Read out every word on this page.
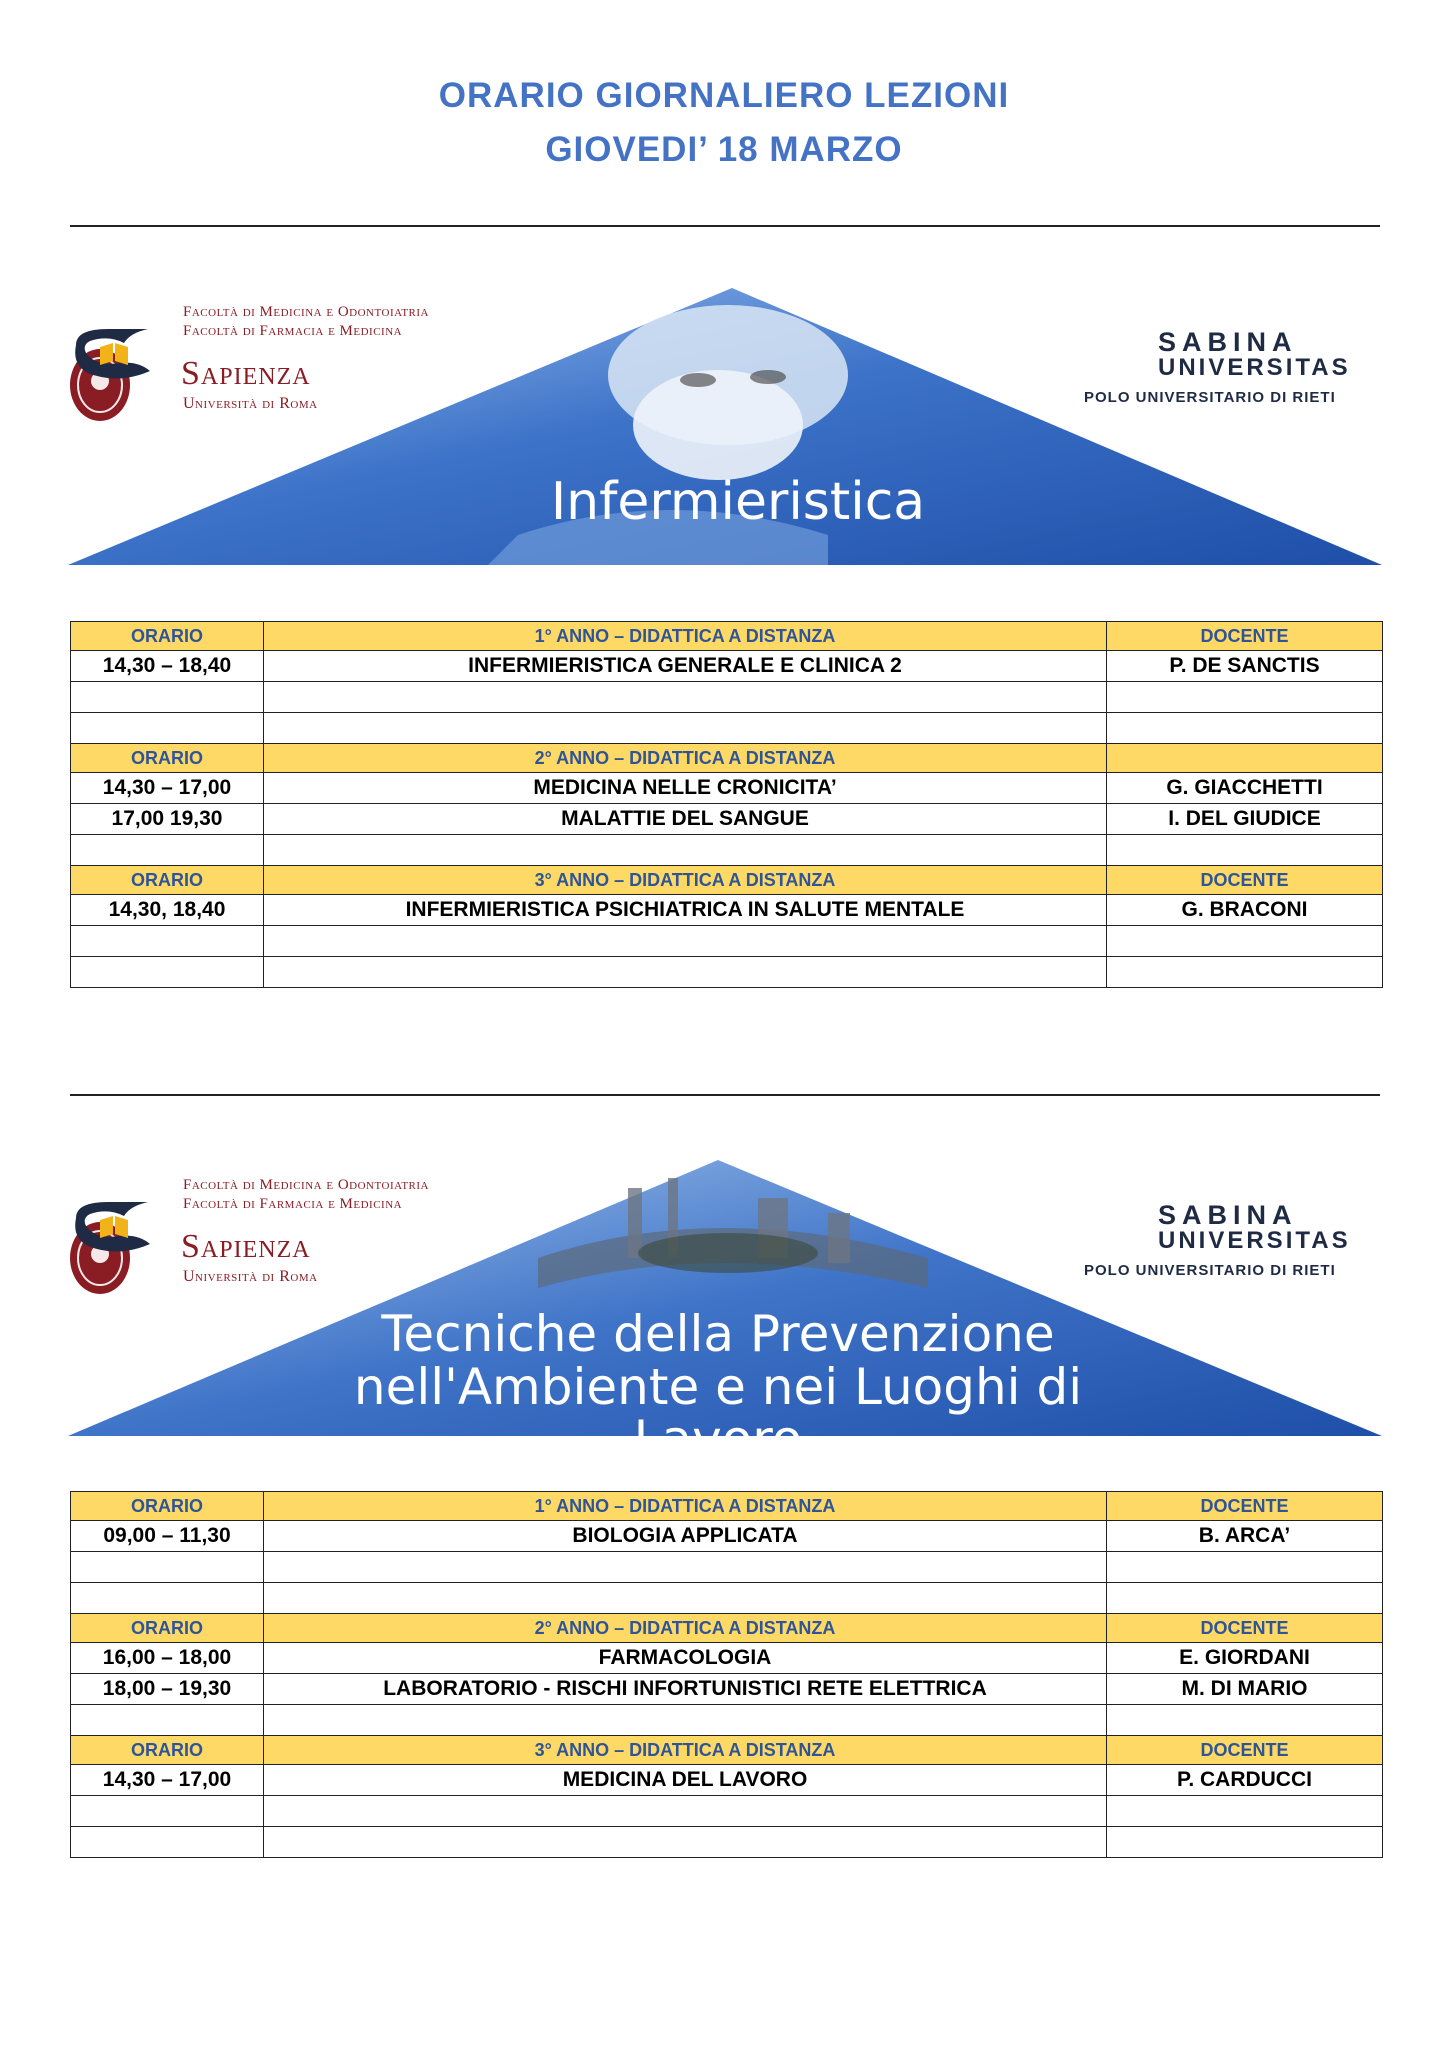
ORARIO GIORNALIERO LEZIONI
GIOVEDI’ 18 MARZO
Facoltà di Medicina e Odontoiatria
Facoltà di Farmacia e Medicina
Sapienza
Università di Roma
SABINA
UNIVERSITAS
POLO UNIVERSITARIO DI RIETI
Infermieristica
ORARIO	1° ANNO – DIDATTICA A DISTANZA	DOCENTE
14,30 – 18,40	INFERMIERISTICA GENERALE E CLINICA 2	P. DE SANCTIS

ORARIO	2° ANNO – DIDATTICA A DISTANZA	
14,30 – 17,00	MEDICINA NELLE CRONICITA’	G. GIACCHETTI
17,00 19,30	MALATTIE DEL SANGUE	I. DEL GIUDICE

ORARIO	3° ANNO – DIDATTICA A DISTANZA	DOCENTE
14,30, 18,40	INFERMIERISTICA PSICHIATRICA IN SALUTE MENTALE	G. BRACONI

Facoltà di Medicina e Odontoiatria
Facoltà di Farmacia e Medicina
Sapienza
Università di Roma
SABINA
UNIVERSITAS
POLO UNIVERSITARIO DI RIETI
Tecniche della Prevenzione
nell'Ambiente e nei Luoghi di Lavoro
ORARIO	1° ANNO – DIDATTICA A DISTANZA	DOCENTE
09,00 – 11,30	BIOLOGIA APPLICATA	B. ARCA’

ORARIO	2° ANNO – DIDATTICA A DISTANZA	DOCENTE
16,00 – 18,00	FARMACOLOGIA	E. GIORDANI
18,00 – 19,30	LABORATORIO - RISCHI INFORTUNISTICI RETE ELETTRICA	M. DI MARIO

ORARIO	3° ANNO – DIDATTICA A DISTANZA	DOCENTE
14,30 – 17,00	MEDICINA DEL LAVORO	P. CARDUCCI
